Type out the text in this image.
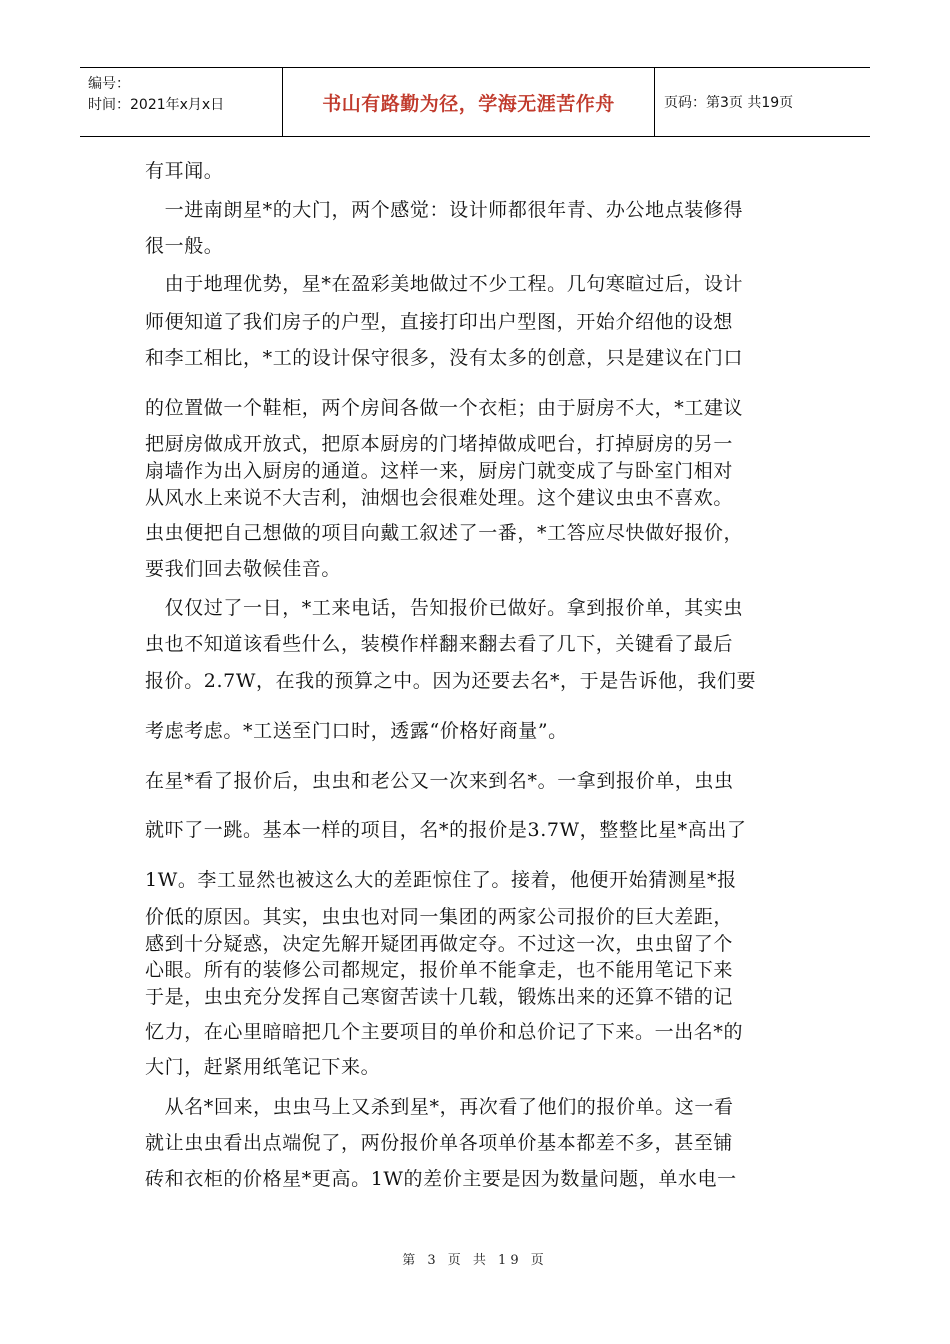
编号：
时间：2021年x月x日	书山有路勤为径，学海无涯苦作舟	页码：第3页 共19页
有耳闻。
　一进南朗星*的大门，两个感觉：设计师都很年青、办公地点装修得
很一般。
　由于地理优势，星*在盈彩美地做过不少工程。几句寒暄过后，设计
师便知道了我们房子的户型，直接打印出户型图，开始介绍他的设想
和李工相比，*工的设计保守很多，没有太多的创意，只是建议在门口
的位置做一个鞋柜，两个房间各做一个衣柜；由于厨房不大，*工建议
把厨房做成开放式，把原本厨房的门堵掉做成吧台，打掉厨房的另一
扇墙作为出入厨房的通道。这样一来，厨房门就变成了与卧室门相对
从风水上来说不大吉利，油烟也会很难处理。这个建议虫虫不喜欢。
虫虫便把自己想做的项目向戴工叙述了一番，*工答应尽快做好报价，
要我们回去敬候佳音。
　仅仅过了一日，*工来电话，告知报价已做好。拿到报价单，其实虫
虫也不知道该看些什么，装模作样翻来翻去看了几下，关键看了最后
报价。2.7W，在我的预算之中。因为还要去名*，于是告诉他，我们要
考虑考虑。*工送至门口时，透露“价格好商量”。
在星*看了报价后，虫虫和老公又一次来到名*。一拿到报价单，虫虫
就吓了一跳。基本一样的项目，名*的报价是3.7W，整整比星*高出了
1W。李工显然也被这么大的差距惊住了。接着，他便开始猜测星*报
价低的原因。其实，虫虫也对同一集团的两家公司报价的巨大差距，
感到十分疑惑，决定先解开疑团再做定夺。不过这一次，虫虫留了个
心眼。所有的装修公司都规定，报价单不能拿走，也不能用笔记下来
于是，虫虫充分发挥自己寒窗苦读十几载，锻炼出来的还算不错的记
忆力，在心里暗暗把几个主要项目的单价和总价记了下来。一出名*的
大门，赶紧用纸笔记下来。
　从名*回来，虫虫马上又杀到星*，再次看了他们的报价单。这一看
就让虫虫看出点端倪了，两份报价单各项单价基本都差不多，甚至铺
砖和衣柜的价格星*更高。1W的差价主要是因为数量问题，单水电一
第 3 页 共 19 页
